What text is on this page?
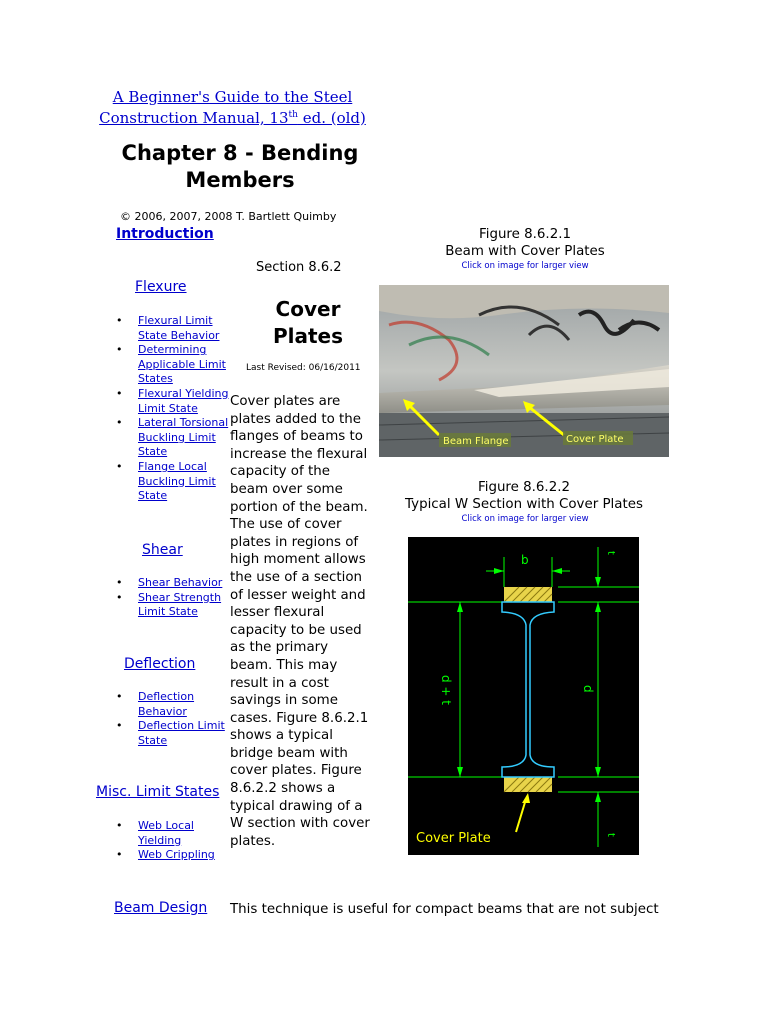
A Beginner's Guide to the Steel
Construction Manual, 13th ed. (old)
Chapter 8 - Bending
Members
© 2006, 2007, 2008 T. Bartlett Quimby
Introduction
Flexure
• Flexural Limit State Behavior
• Determining Applicable Limit States
• Flexural Yielding Limit State
• Lateral Torsional Buckling Limit State
• Flange Local Buckling Limit State
Shear
• Shear Behavior
• Shear Strength Limit State
Deflection
• Deflection Behavior
• Deflection Limit State
Misc. Limit States
• Web Local Yielding
• Web Crippling
Beam Design
Section 8.6.2
Cover
Plates
Last Revised: 06/16/2011
Cover plates are plates added to the flanges of beams to increase the flexural capacity of the beam over some portion of the beam. The use of cover plates in regions of high moment allows the use of a section of lesser weight and lesser flexural capacity to be used as the primary beam. This may result in a cost savings in some cases. Figure 8.6.2.1 shows a typical bridge beam with cover plates. Figure 8.6.2.2 shows a typical drawing of a W section with cover plates.
This technique is useful for compact beams that are not subject
Figure 8.6.2.1
Beam with Cover Plates
Click on image for larger view
Beam Flange	Cover Plate
Figure 8.6.2.2
Typical W Section with Cover Plates
Click on image for larger view
b
t
t
d + t	d
Cover Plate
